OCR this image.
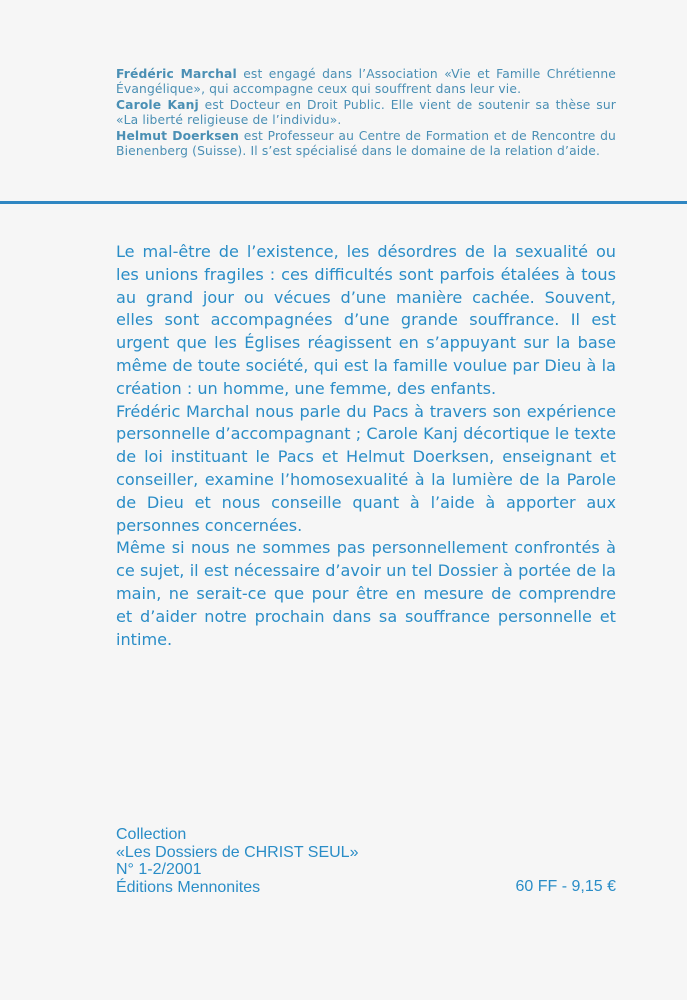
Frédéric Marchal est engagé dans l’Association «Vie et Famille Chrétienne Évangélique», qui accompagne ceux qui souffrent dans leur vie.

Carole Kanj est Docteur en Droit Public. Elle vient de soutenir sa thèse sur «La liberté religieuse de l’individu».

Helmut Doerksen est Professeur au Centre de Formation et de Rencontre du Bienenberg (Suisse). Il s’est spécialisé dans le domaine de la relation d’aide.

Le mal-être de l’existence, les désordres de la sexualité ou les unions fragiles : ces difficultés sont parfois étalées à tous au grand jour ou vécues d’une manière cachée. Souvent, elles sont accompagnées d’une grande souffrance. Il est urgent que les Églises réagissent en s’appuyant sur la base même de toute société, qui est la famille voulue par Dieu à la création : un homme, une femme, des enfants.

Frédéric Marchal nous parle du Pacs à travers son expérience personnelle d’accompagnant ; Carole Kanj décortique le texte de loi instituant le Pacs et Helmut Doerksen, enseignant et conseiller, examine l’homosexualité à la lumière de la Parole de Dieu et nous conseille quant à l’aide à apporter aux personnes concernées.

Même si nous ne sommes pas personnellement confrontés à ce sujet, il est nécessaire d’avoir un tel Dossier à portée de la main, ne serait-ce que pour être en mesure de comprendre et d’aider notre prochain dans sa souffrance personnelle et intime.

Collection
«Les Dossiers de CHRIST SEUL»
N° 1-2/2001
Éditions Mennonites	60 FF - 9,15 €
